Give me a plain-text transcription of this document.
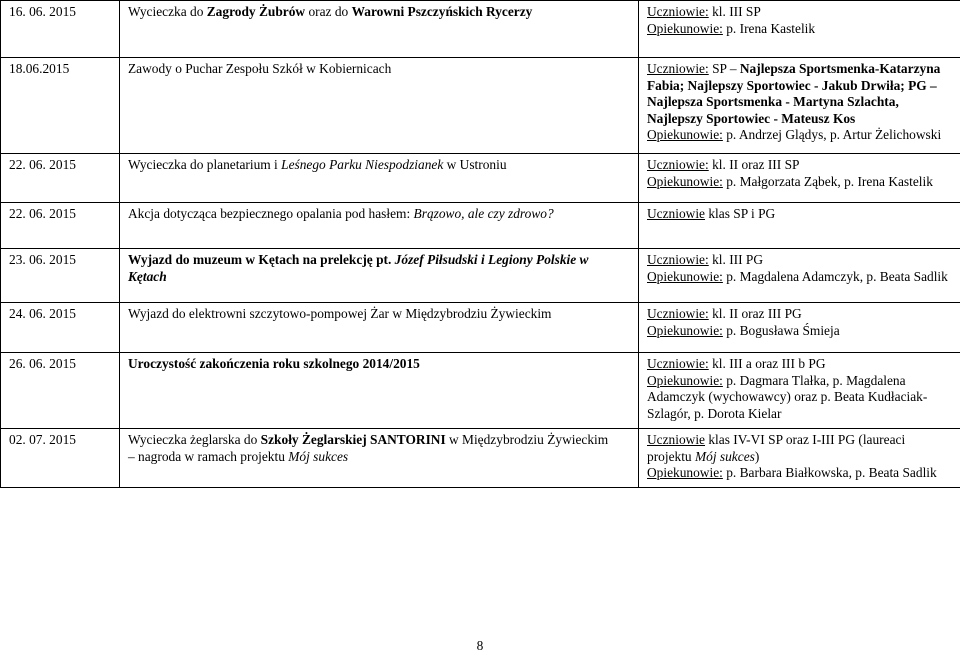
16. 06. 2015	Wycieczka do Zagrody Żubrów oraz do Warowni Pszczyńskich Rycerzy	Uczniowie: kl. III SP
Opiekunowie: p. Irena Kastelik

18.06.2015	Zawody o Puchar Zespołu Szkół w Kobiernicach	Uczniowie: SP – Najlepsza Sportsmenka-Katarzyna
Fabia; Najlepszy Sportowiec - Jakub Drwiła; PG –
Najlepsza Sportsmenka - Martyna Szlachta,
Najlepszy Sportowiec - Mateusz Kos
Opiekunowie: p. Andrzej Glądys, p. Artur Żelichowski

22. 06. 2015	Wycieczka do planetarium i Leśnego Parku Niespodzianek w Ustroniu	Uczniowie: kl. II oraz III SP
Opiekunowie: p. Małgorzata Ząbek, p. Irena Kastelik

22. 06. 2015	Akcja dotycząca bezpiecznego opalania pod hasłem: Brązowo, ale czy zdrowo?	Uczniowie klas SP i PG

23. 06. 2015	Wyjazd do muzeum w Kętach na prelekcję pt. Józef Piłsudski i Legiony Polskie w
Kętach	Uczniowie: kl. III PG
Opiekunowie: p. Magdalena Adamczyk, p. Beata Sadlik

24. 06. 2015	Wyjazd do elektrowni szczytowo-pompowej Żar w Międzybrodziu Żywieckim	Uczniowie: kl. II oraz III PG
Opiekunowie: p. Bogusława Śmieja

26. 06. 2015	Uroczystość zakończenia roku szkolnego 2014/2015	Uczniowie: kl. III a oraz III b PG
Opiekunowie: p. Dagmara Tlałka, p. Magdalena
Adamczyk (wychowawcy) oraz p. Beata Kudłaciak-
Szlagór, p. Dorota Kielar

02. 07. 2015	Wycieczka żeglarska do Szkoły Żeglarskiej SANTORINI w Międzybrodziu Żywieckim
– nagroda w ramach projektu Mój sukces	Uczniowie klas IV-VI SP oraz I-III PG (laureaci
projektu Mój sukces)
Opiekunowie: p. Barbara Białkowska, p. Beata Sadlik
8
